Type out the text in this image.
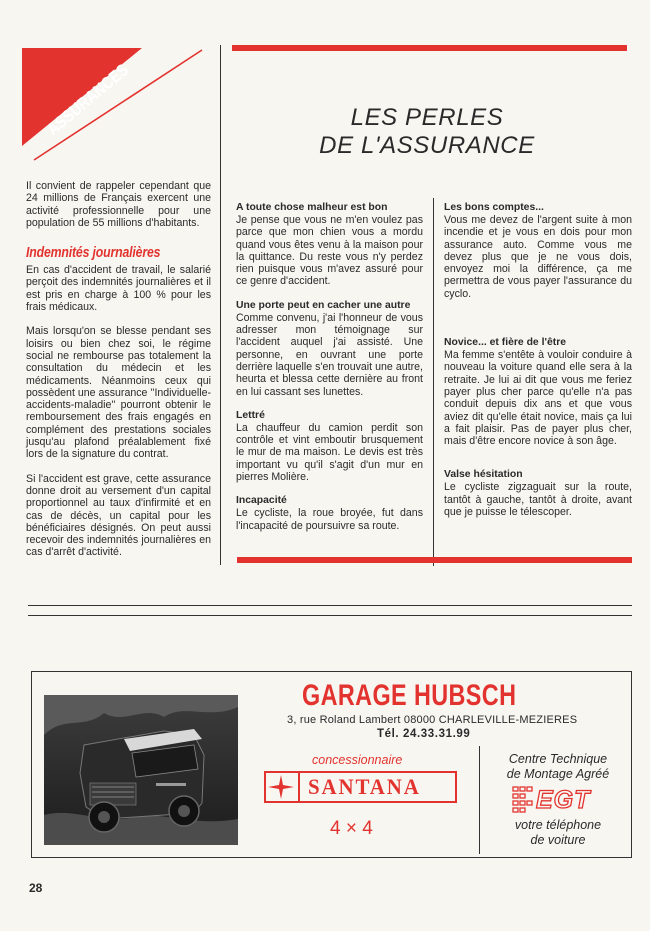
ASSURANCES	LES PERLES
DE L'ASSURANCE

Il convient de rappeler cependant que 24 millions de Français exercent une activité professionnelle pour une population de 55 millions d'habitants.

Indemnités journalières

En cas d'accident de travail, le salarié perçoit des indemnités journalières et il est pris en charge à 100 % pour les frais médicaux.

Mais lorsqu'on se blesse pendant ses loisirs ou bien chez soi, le régime social ne rembourse pas totalement la consultation du médecin et les médicaments. Néanmoins ceux qui possèdent une assurance ''Individuelle-accidents-maladie'' pourront obtenir le remboursement des frais engagés en complément des prestations sociales jusqu'au plafond préalablement fixé lors de la signature du contrat.

Si l'accident est grave, cette assurance donne droit au versement d'un capital proportionnel au taux d'infirmité et en cas de décès, un capital pour les bénéficiaires désignés. On peut aussi recevoir des indemnités journalières en cas d'arrêt d'activité.

A toute chose malheur est bon

Je pense que vous ne m'en voulez pas parce que mon chien vous a mordu quand vous êtes venu à la maison pour la quittance. Du reste vous n'y perdez rien puisque vous m'avez assuré pour ce genre d'accident.

Une porte peut en cacher une autre

Comme convenu, j'ai l'honneur de vous adresser mon témoignage sur l'accident auquel j'ai assisté. Une personne, en ouvrant une porte derrière laquelle s'en trouvait une autre, heurta et blessa cette dernière au front en lui cassant ses lunettes.

Lettré

La chauffeur du camion perdit son contrôle et vint emboutir brusquement le mur de ma maison. Le devis est très important vu qu'il s'agit d'un mur en pierres Molière.

Incapacité

Le cycliste, la roue broyée, fut dans l'incapacité de poursuivre sa route.

Les bons comptes...

Vous me devez de l'argent suite à mon incendie et je vous en dois pour mon assurance auto. Comme vous me devez plus que je ne vous dois, envoyez moi la différence, ça me permettra de vous payer l'assurance du cyclo.

Novice... et fière de l'être

Ma femme s'entête à vouloir conduire à nouveau la voiture quand elle sera à la retraite. Je lui ai dit que vous me feriez payer plus cher parce qu'elle n'a pas conduit depuis dix ans et que vous aviez dit qu'elle était novice, mais ça lui a fait plaisir. Pas de payer plus cher, mais d'être encore novice à son âge.

Valse hésitation

Le cycliste zigzaguait sur la route, tantôt à gauche, tantôt à droite, avant que je puisse le télescoper.

GARAGE HUBSCH
3, rue Roland Lambert 08000 CHARLEVILLE-MEZIERES
Tél. 24.33.31.99
concessionnaire
SANTANA
4 × 4
Centre Technique
de Montage Agréé
EGT
votre téléphone
de voiture
28
